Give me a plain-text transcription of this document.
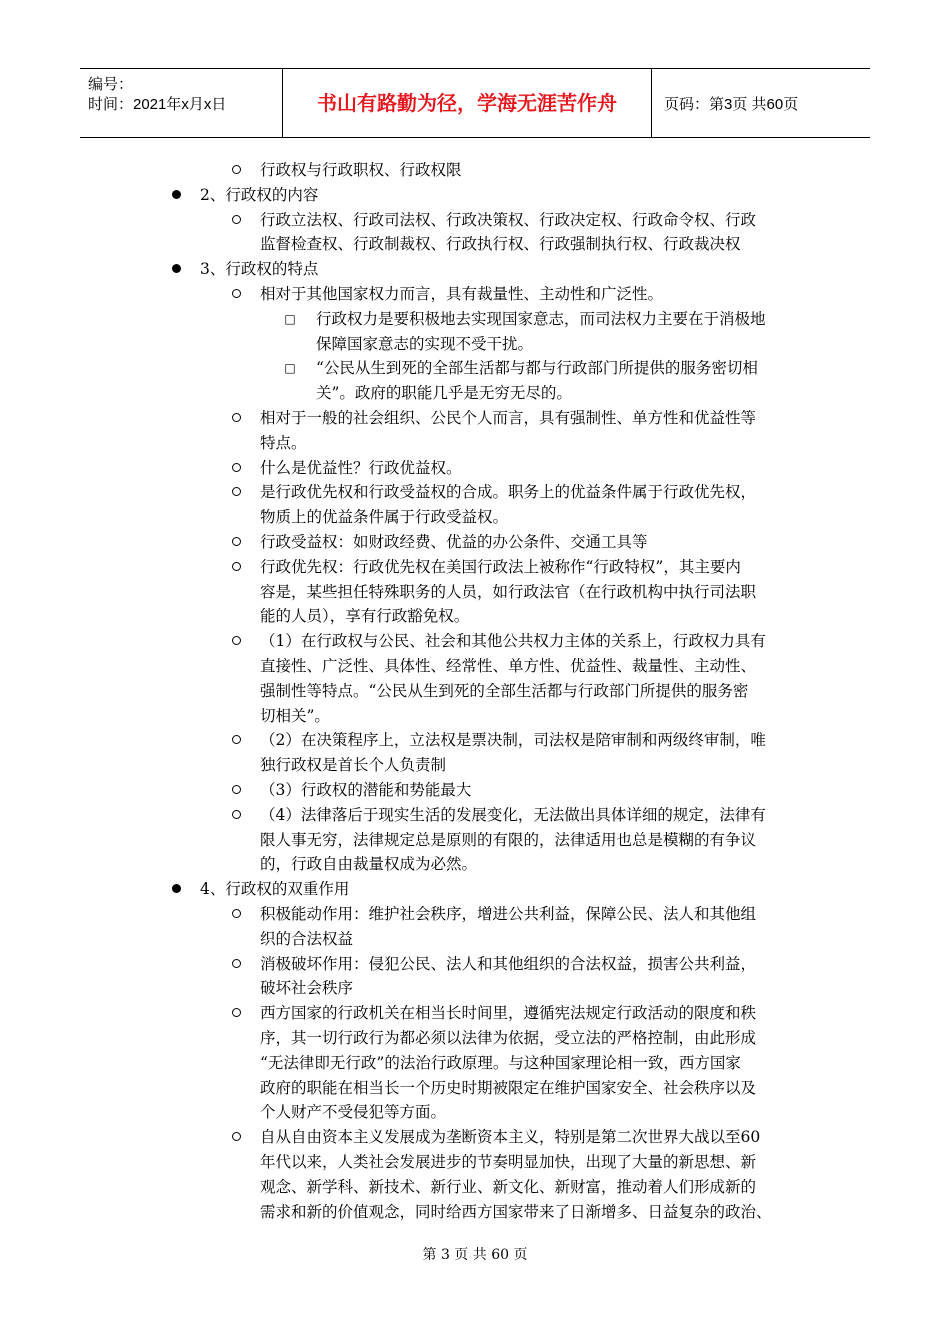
编号：
时间：2021年x月x日	书山有路勤为径，学海无涯苦作舟	页码：第3页 共60页
行政权与行政职权、行政权限
2、行政权的内容
行政立法权、行政司法权、行政决策权、行政决定权、行政命令权、行政
监督检查权、行政制裁权、行政执行权、行政强制执行权、行政裁决权
3、行政权的特点
相对于其他国家权力而言，具有裁量性、主动性和广泛性。
□ 行政权力是要积极地去实现国家意志，而司法权力主要在于消极地
保障国家意志的实现不受干扰。
□ “公民从生到死的全部生活都与都与行政部门所提供的服务密切相
关”。政府的职能几乎是无穷无尽的。
相对于一般的社会组织、公民个人而言，具有强制性、单方性和优益性等
特点。
什么是优益性？行政优益权。
是行政优先权和行政受益权的合成。职务上的优益条件属于行政优先权，
物质上的优益条件属于行政受益权。
行政受益权：如财政经费、优益的办公条件、交通工具等
行政优先权：行政优先权在美国行政法上被称作“行政特权”，其主要内
容是，某些担任特殊职务的人员，如行政法官（在行政机构中执行司法职
能的人员），享有行政豁免权。
（1）在行政权与公民、社会和其他公共权力主体的关系上，行政权力具有
直接性、广泛性、具体性、经常性、单方性、优益性、裁量性、主动性、
强制性等特点。“公民从生到死的全部生活都与行政部门所提供的服务密
切相关”。
（2）在决策程序上，立法权是票决制，司法权是陪审制和两级终审制，唯
独行政权是首长个人负责制
（3）行政权的潜能和势能最大
（4）法律落后于现实生活的发展变化，无法做出具体详细的规定，法律有
限人事无穷，法律规定总是原则的有限的，法律适用也总是模糊的有争议
的，行政自由裁量权成为必然。
4、行政权的双重作用
积极能动作用：维护社会秩序，增进公共利益，保障公民、法人和其他组
织的合法权益
消极破坏作用：侵犯公民、法人和其他组织的合法权益，损害公共利益，
破坏社会秩序
西方国家的行政机关在相当长时间里，遵循宪法规定行政活动的限度和秩
序，其一切行政行为都必须以法律为依据，受立法的严格控制，由此形成
“无法律即无行政”的法治行政原理。与这种国家理论相一致，西方国家
政府的职能在相当长一个历史时期被限定在维护国家安全、社会秩序以及
个人财产不受侵犯等方面。
自从自由资本主义发展成为垄断资本主义，特别是第二次世界大战以至60
年代以来，人类社会发展进步的节奏明显加快，出现了大量的新思想、新
观念、新学科、新技术、新行业、新文化、新财富，推动着人们形成新的
需求和新的价值观念，同时给西方国家带来了日渐增多、日益复杂的政治、
第 3 页 共 60 页
